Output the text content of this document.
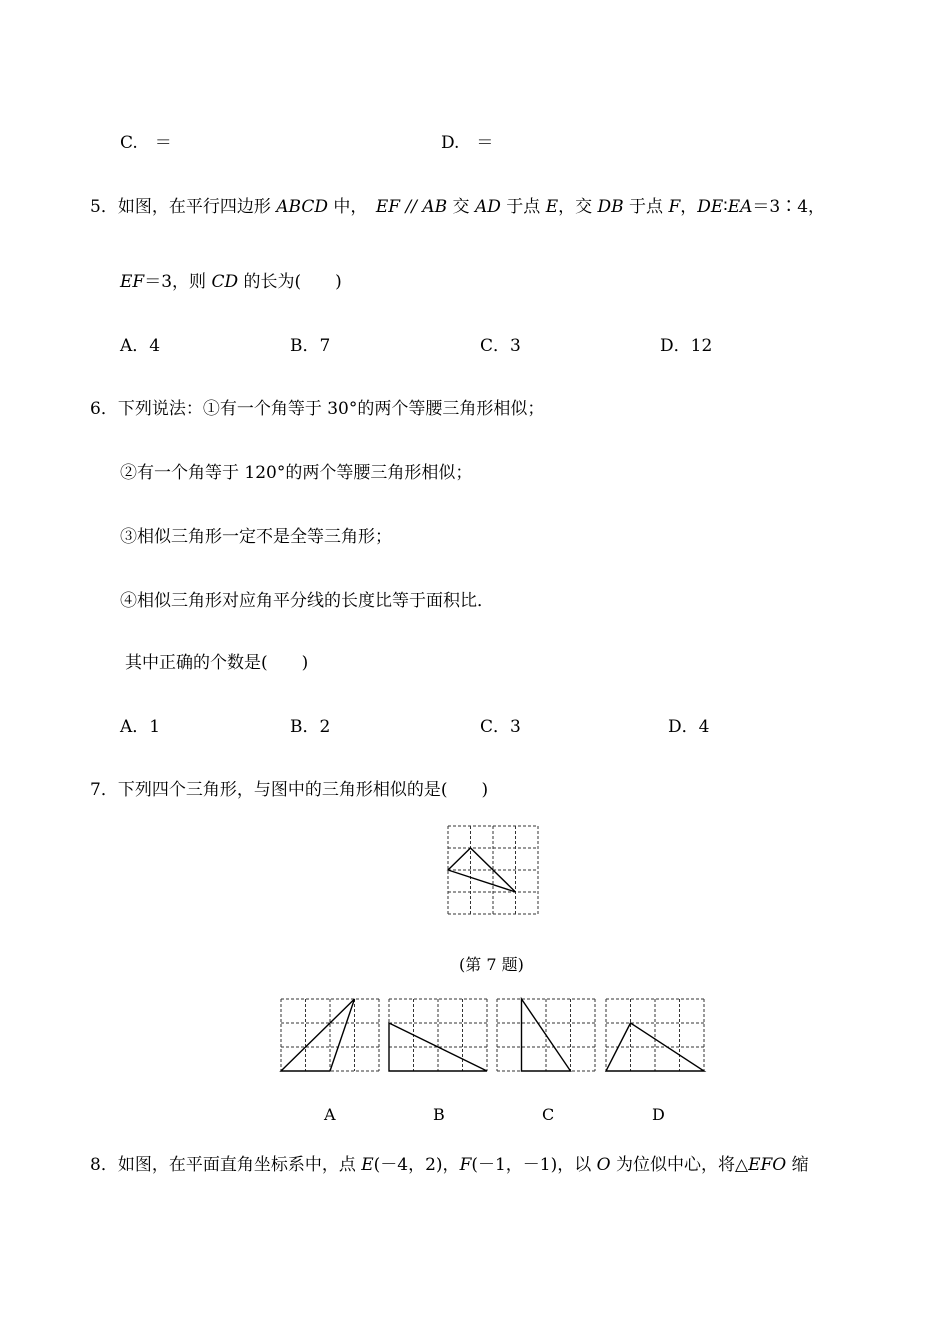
C.　＝	D.　＝
5．如图，在平行四边形 ABCD 中，　EF // AB 交 AD 于点 E，交 DB 于点 F，DE∶EA＝3∶4，
EF＝3，则 CD 的长为(　　)
A．4	B．7	C．3	D．12
6．下列说法：①有一个角等于 30°的两个等腰三角形相似；
②有一个角等于 120°的两个等腰三角形相似；
③相似三角形一定不是全等三角形；
④相似三角形对应角平分线的长度比等于面积比．
其中正确的个数是(　　)
A．1	B．2	C．3	D．4
7．下列四个三角形，与图中的三角形相似的是(　　)
(第 7 题)
A	B	C	D
8．如图，在平面直角坐标系中，点 E(－4，2)，F(－1，－1)，以 O 为位似中心，将△EFO 缩
